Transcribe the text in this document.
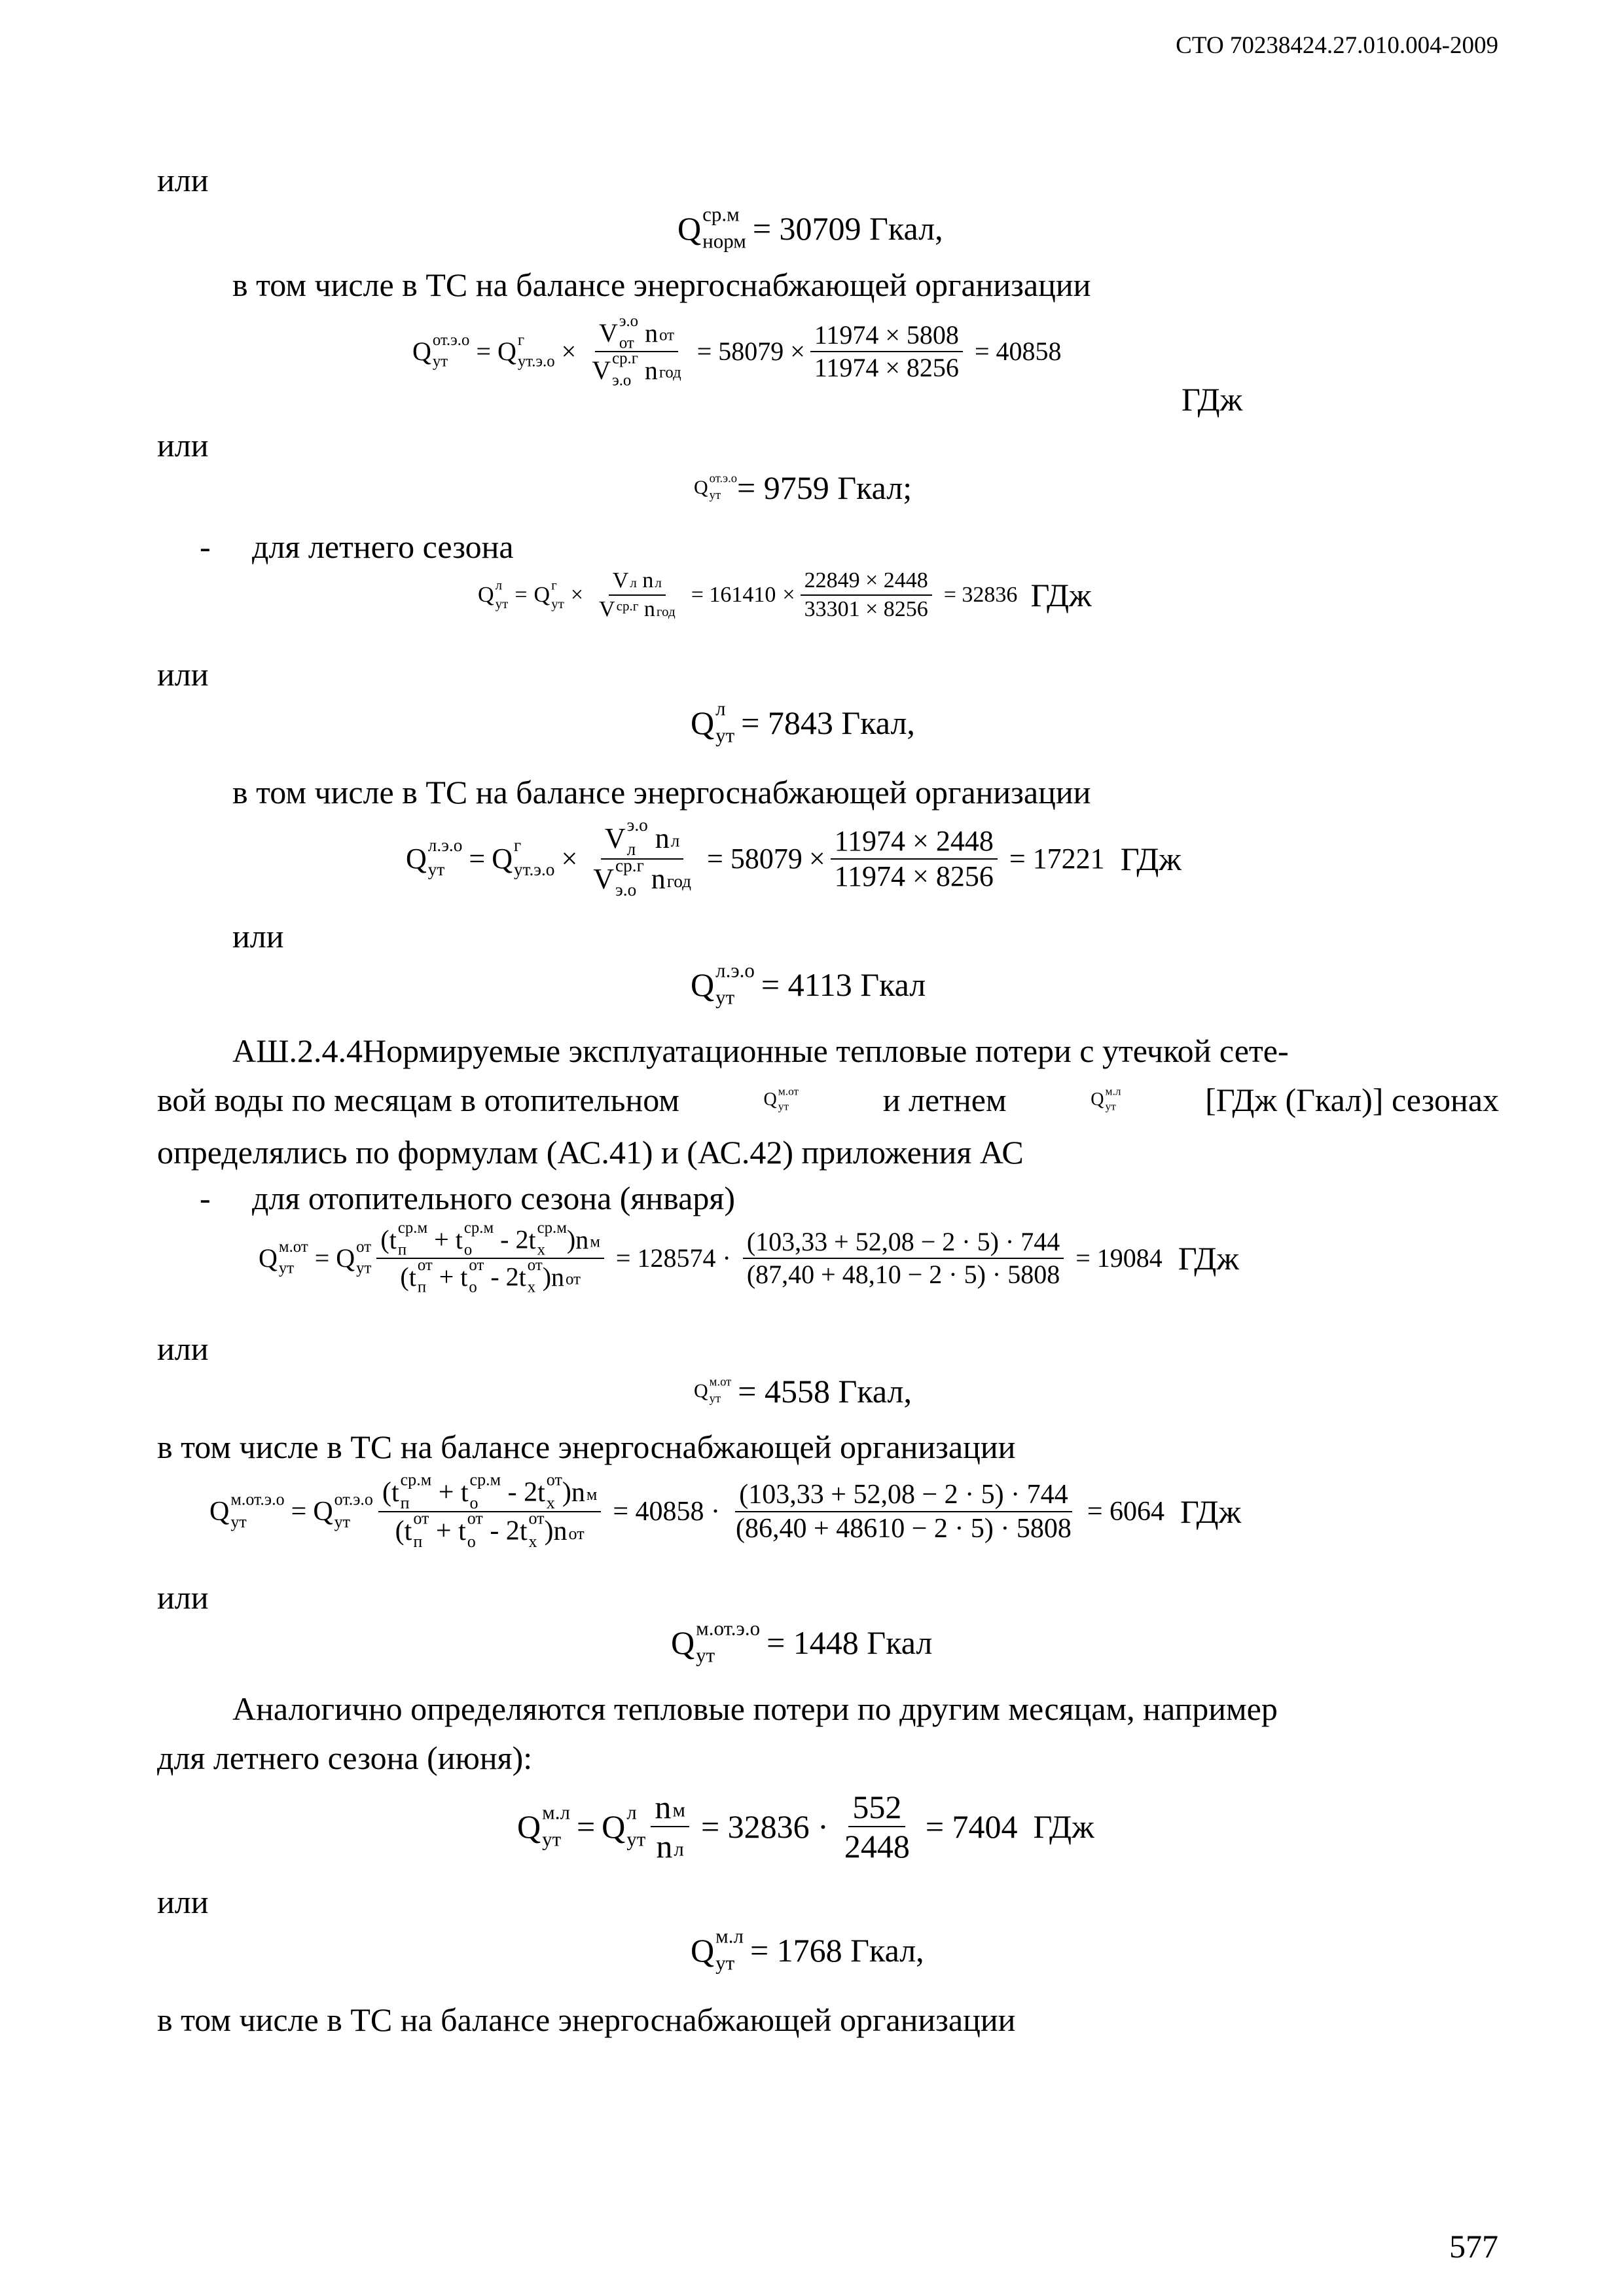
СТО 70238424.27.010.004-2009
или
Q ср.м
норм = 30709 Гкал,
в том числе в ТС на балансе энергоснабжающей организации
Q от.э.о
ут	= Q г
ут.э.о × V э.о
от
n от
V ср.г
э.о
n год = $58079 \times \frac{11974 \times 5808}{11974 \times 8256} = 40858$
ГДж
или
Q от.э.о
ут = 9759 Гкал;
- для летнего сезона
Q л
ут = Q г
ут × V л
n л
V ср.г
n год = $161410 \times \frac{22849 \times 2448}{33301 \times 8256} = 32836$ ГДж
или
Q л
ут = 7843 Гкал,
в том числе в ТС на балансе энергоснабжающей организации
Q л.э.о
ут = Q г
ут.э.о × V э.о
л
n л
V ср.г
э.о
n год = $58079 \times \frac{11974 \times 2448}{11974 \times 8256} = 17221$ ГДж
или
Q л.э.о
ут = 4113 Гкал
АШ.2.4.4Нормируемые эксплуатационные тепловые потери с утечкой сете-
вой воды по месяцам в отопительном	Q м.от
ут	и летнем	Q м.л
ут	[ГДж (Гкал)] сезонах
определялись по формулам (АС.41) и (АС.42) приложения АС
- для отопительного сезона (января)
Q м.от
ут = Q от
ут ( t ср.м
п + t ср.м
о - 2 t ср.м
х ) n м
( t от
п + t от
о - 2 t от
х ) n от = $128574 \cdot \frac{(103,33 + 52,08 - 2 \cdot 5) \cdot 744}{(87,40 + 48,10 - 2 \cdot 5) \cdot 5808} = 19084$ ГДж
или
Q м.от
ут = 4558 Гкал,
в том числе в ТС на балансе энергоснабжающей организации
Q м.от.э.о
ут	= Q от.э.о
ут	( t ср.м
п + t ср.м
о - 2 t от
х ) n м
( t от
п + t от
о - 2 t от
х ) n от = $40858 \cdot \frac{(103,33 + 52,08 - 2 \cdot 5) \cdot 744}{(86,40 + 48610 - 2 \cdot 5) \cdot 5808} = 6064$ ГДж
или
Q м.от.э.о
ут	= 1448 Гкал
Аналогично определяются тепловые потери по другим месяцам, например
для летнего сезона (июня):
Q м.л
ут = Q л
ут $\frac{\text{n м}}{\text{n л}} = 32836 \cdot \frac{552}{2448} = 7404$ ГДж
или
Q м.л
ут = 1768 Гкал,
в том числе в ТС на балансе энергоснабжающей организации
577
